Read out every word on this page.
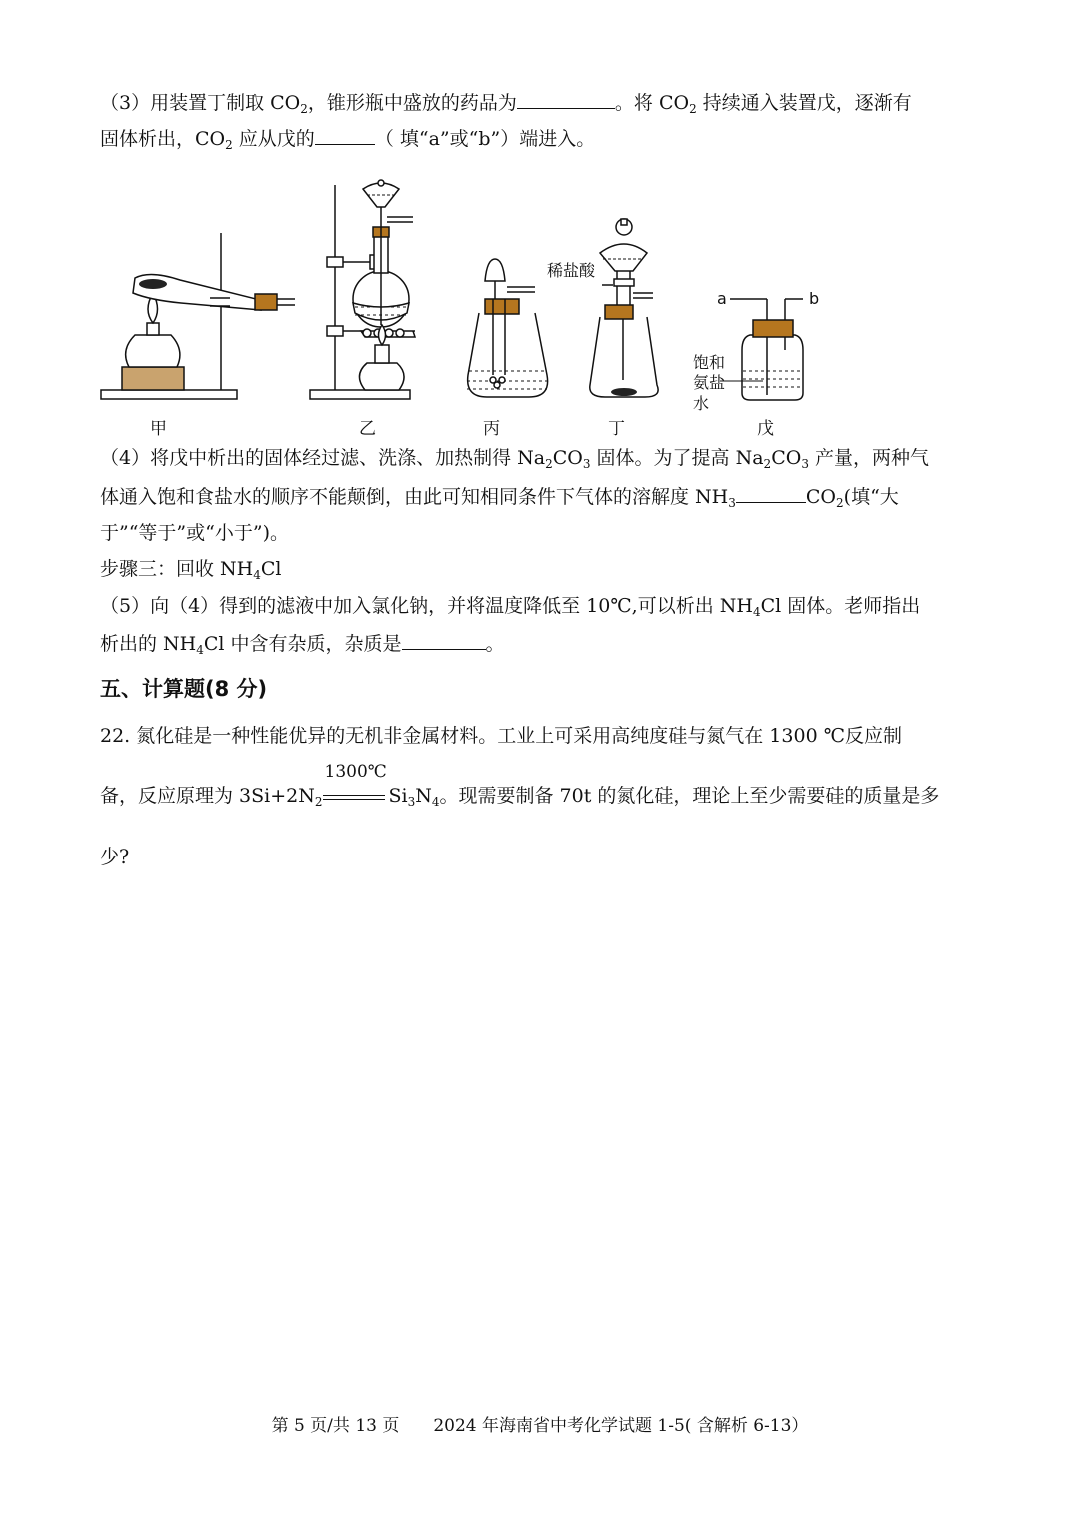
（3）用装置丁制取 $CO_2$，锥形瓶中盛放的药品为	。将 $CO_2$ 持续通入装置戊，逐渐有
固体析出，$CO_2$ 应从戊的	（ 填“a”或“b”）端进入。
稀盐酸
a	b
饱和
氨盐
水
甲	乙	丙	丁	戊
（4）将戊中析出的固体经过滤、洗涤、加热制得 $Na_2CO_3$ 固体。为了提高 $Na_2CO_3$ 产量，两种气
体通入饱和食盐水的顺序不能颠倒，由此可知相同条件下气体的溶解度 $NH_3$	$CO_2$(填“大
于”“等于”或“小于”)。
步骤三：回收 $NH_4Cl$
（5）向（4）得到的滤液中加入氯化钠，并将温度降低至 10℃,可以析出 $NH_4Cl$ 固体。老师指出
析出的 $NH_4Cl$ 中含有杂质，杂质是	。
五、计算题(8 分)
22. 氮化硅是一种性能优异的无机非金属材料。工业上可采用高纯度硅与氮气在 1300 ℃反应制
备，反应原理为 $3Si+2N_2$
1300℃
$Si_3N_4$。现需要制备 70t 的氮化硅，理论上至少需要硅的质量是多
少?
第 5 页/共 13 页　　2024 年海南省中考化学试题 1-5( 含解析 6-13）
